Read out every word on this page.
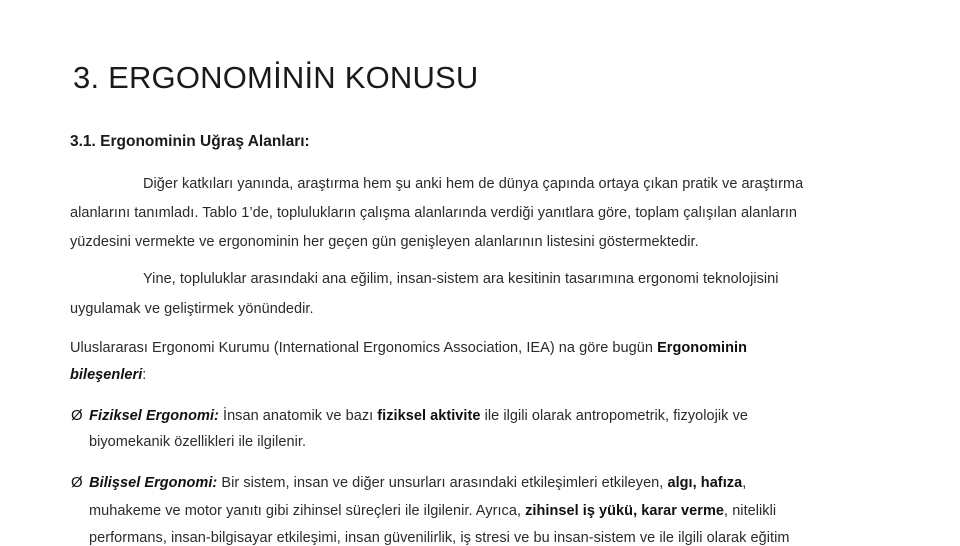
3. ERGONOMİNİN KONUSU
3.1. Ergonominin Uğraş Alanları:
Diğer katkıları yanında, araştırma hem şu anki hem de dünya çapında ortaya çıkan pratik ve araştırma
alanlarını tanımladı. Tablo 1’de, toplulukların çalışma alanlarında verdiği yanıtlara göre, toplam çalışılan alanların
yüzdesini vermekte ve ergonominin her geçen gün genişleyen alanlarının listesini göstermektedir.
Yine, topluluklar arasındaki ana eğilim, insan-sistem ara kesitinin tasarımına ergonomi teknolojisini
uygulamak ve geliştirmek yönündedir.
Uluslararası Ergonomi Kurumu (International Ergonomics Association, IEA) na göre bugün Ergonominin
bileşenleri:
Ø Fiziksel Ergonomi: İnsan anatomik ve bazı fiziksel aktivite ile ilgili olarak antropometrik, fizyolojik ve
biyomekanik özellikleri ile ilgilenir.
Ø Bilişsel Ergonomi: Bir sistem, insan ve diğer unsurları arasındaki etkileşimleri etkileyen, algı, hafıza,
muhakeme ve motor yanıtı gibi zihinsel süreçleri ile ilgilenir. Ayrıca, zihinsel iş yükü, karar verme, nitelikli
performans, insan-bilgisayar etkileşimi, insan güvenilirlik, iş stresi ve bu insan-sistem ve ile ilgili olarak eğitim
